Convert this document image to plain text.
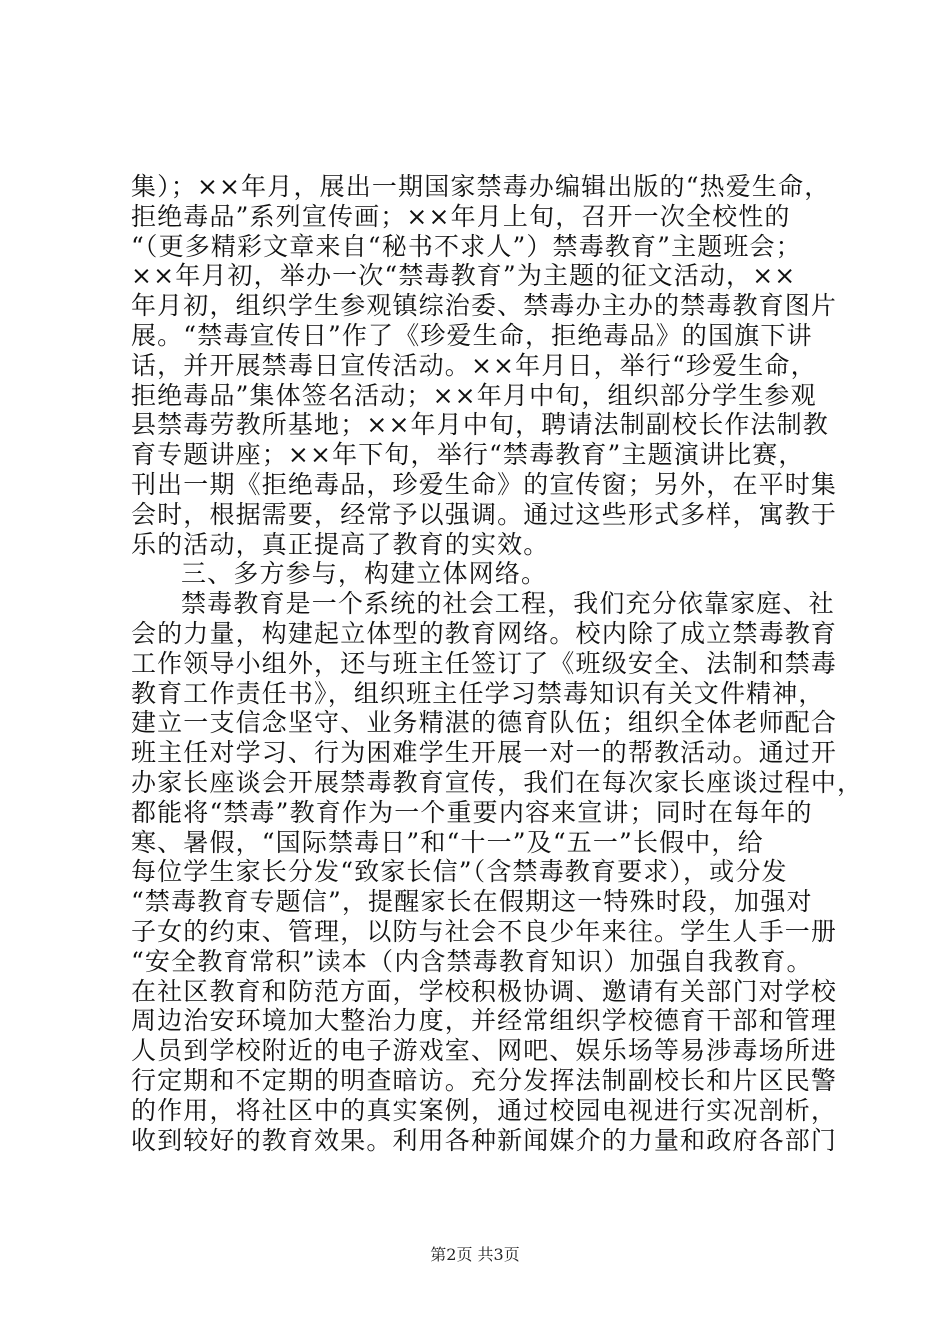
集）；××年月，展出一期国家禁毒办编辑出版的“热爱生命，
拒绝毒品”系列宣传画；××年月上旬，召开一次全校性的
“（更多精彩文章来自“秘书不求人”）禁毒教育”主题班会；
××年月初，举办一次“禁毒教育”为主题的征文活动，××
年月初，组织学生参观镇综治委、禁毒办主办的禁毒教育图片
展。“禁毒宣传日”作了《珍爱生命，拒绝毒品》的国旗下讲
话，并开展禁毒日宣传活动。××年月日，举行“珍爱生命，
拒绝毒品”集体签名活动；××年月中旬，组织部分学生参观
县禁毒劳教所基地；××年月中旬，聘请法制副校长作法制教
育专题讲座；××年下旬，举行“禁毒教育”主题演讲比赛，
刊出一期《拒绝毒品，珍爱生命》的宣传窗；另外，在平时集
会时，根据需要，经常予以强调。通过这些形式多样，寓教于
乐的活动，真正提高了教育的实效。
三、多方参与，构建立体网络。
禁毒教育是一个系统的社会工程，我们充分依靠家庭、社
会的力量，构建起立体型的教育网络。校内除了成立禁毒教育
工作领导小组外，还与班主任签订了《班级安全、法制和禁毒
教育工作责任书》，组织班主任学习禁毒知识有关文件精神，
建立一支信念坚守、业务精湛的德育队伍；组织全体老师配合
班主任对学习、行为困难学生开展一对一的帮教活动。通过开
办家长座谈会开展禁毒教育宣传，我们在每次家长座谈过程中，
都能将“禁毒”教育作为一个重要内容来宣讲；同时在每年的
寒、暑假，“国际禁毒日”和“十一”及“五一”长假中，给
每位学生家长分发“致家长信”（含禁毒教育要求），或分发
“禁毒教育专题信”，提醒家长在假期这一特殊时段，加强对
子女的约束、管理，以防与社会不良少年来往。学生人手一册
“安全教育常积”读本（内含禁毒教育知识）加强自我教育。
在社区教育和防范方面，学校积极协调、邀请有关部门对学校
周边治安环境加大整治力度，并经常组织学校德育干部和管理
人员到学校附近的电子游戏室、网吧、娱乐场等易涉毒场所进
行定期和不定期的明查暗访。充分发挥法制副校长和片区民警
的作用，将社区中的真实案例，通过校园电视进行实况剖析，
收到较好的教育效果。利用各种新闻媒介的力量和政府各部门
第2页 共3页
